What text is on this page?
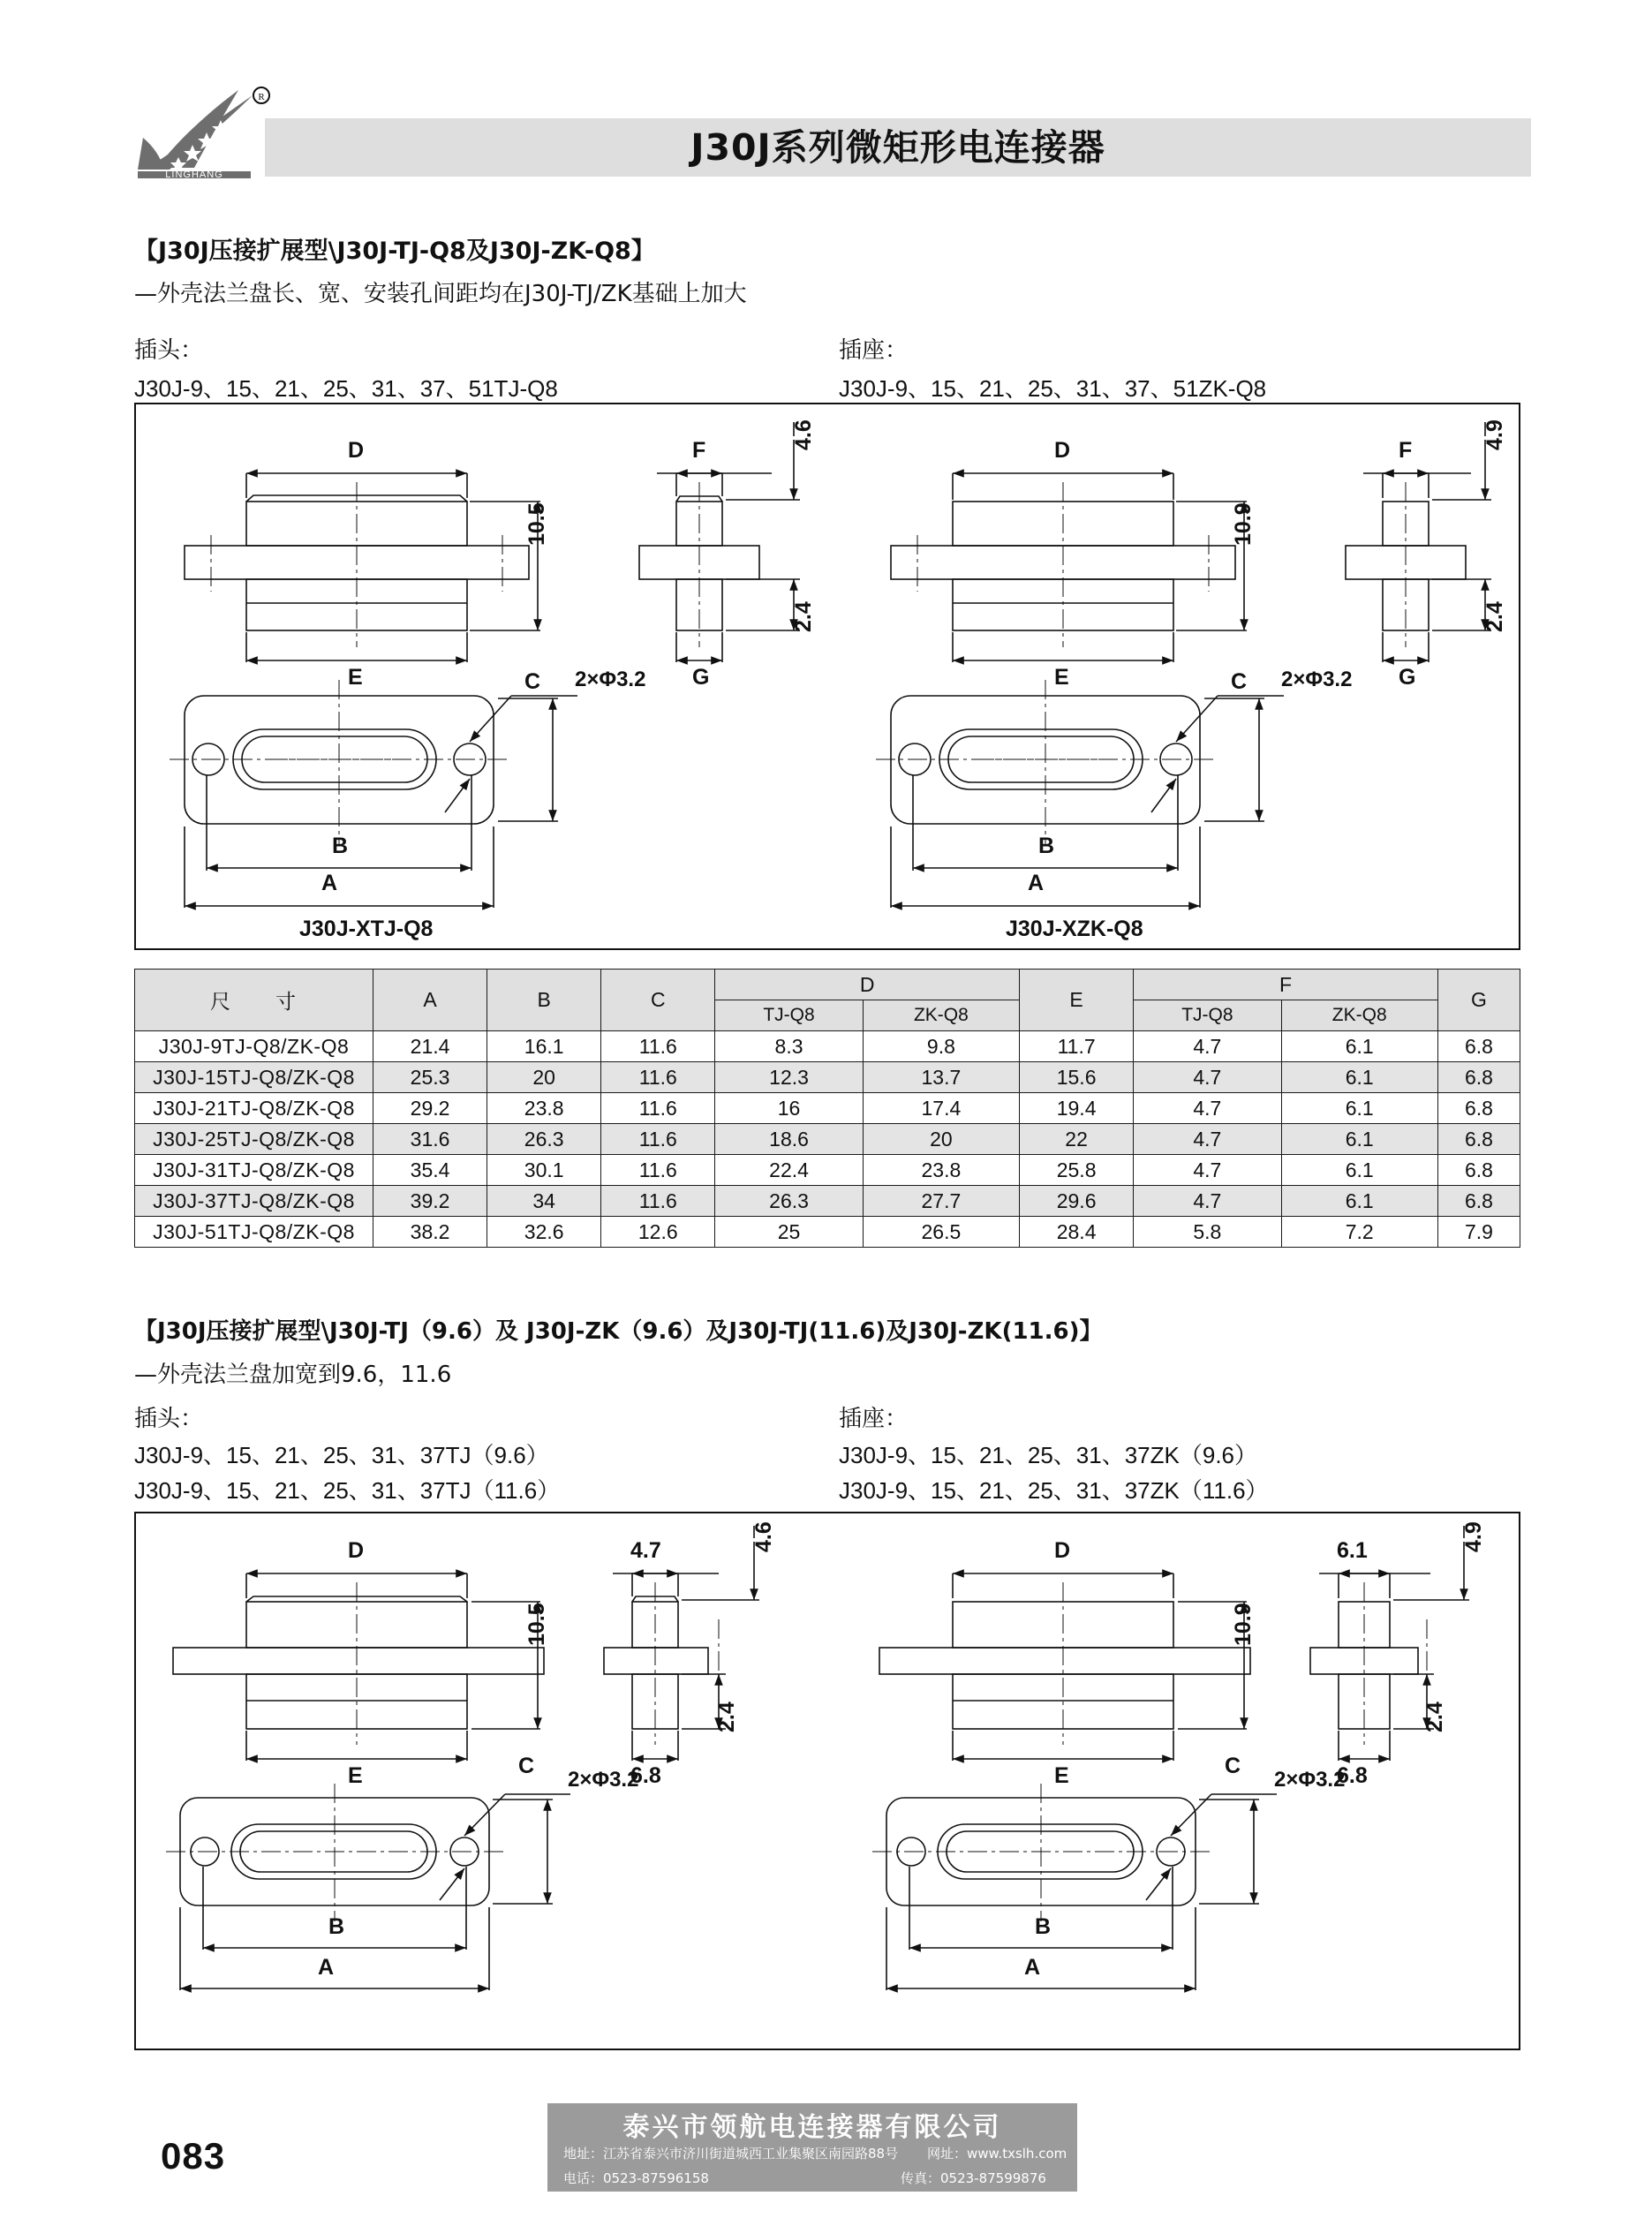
R
LINGHANG
J30J系列微矩形电连接器
【J30J压接扩展型\J30J-TJ-Q8及J30J-ZK-Q8】
—外壳法兰盘长、宽、安装孔间距均在J30J-TJ/ZK基础上加大
插头：
J30J-9、15、21、25、31、37、51TJ-Q8
插座：
J30J-9、15、21、25、31、37、51ZK-Q8
D
E
F
G
10.5
4.6
2.4
C
B
A
2×Φ3.2
D
E
F
G
10.9
4.9
2.4
C
B
A
2×Φ3.2
J30J-XTJ-Q8	J30J-XZK-Q8
尺　寸	A	B	C	D		E	F		G
				TJ-Q8	ZK-Q8		TJ-Q8	ZK-Q8	
J30J-9TJ-Q8/ZK-Q8	21.4	16.1	11.6	8.3	9.8	11.7	4.7	6.1	6.8
J30J-15TJ-Q8/ZK-Q8	25.3	20	11.6	12.3	13.7	15.6	4.7	6.1	6.8
J30J-21TJ-Q8/ZK-Q8	29.2	23.8	11.6	16	17.4	19.4	4.7	6.1	6.8
J30J-25TJ-Q8/ZK-Q8	31.6	26.3	11.6	18.6	20	22	4.7	6.1	6.8
J30J-31TJ-Q8/ZK-Q8	35.4	30.1	11.6	22.4	23.8	25.8	4.7	6.1	6.8
J30J-37TJ-Q8/ZK-Q8	39.2	34	11.6	26.3	27.7	29.6	4.7	6.1	6.8
J30J-51TJ-Q8/ZK-Q8	38.2	32.6	12.6	25	26.5	28.4	5.8	7.2	7.9
【J30J压接扩展型\J30J-TJ（9.6）及 J30J-ZK（9.6）及J30J-TJ(11.6)及J30J-ZK(11.6)】
—外壳法兰盘加宽到9.6，11.6
插头：
J30J-9、15、21、25、31、37TJ（9.6）
J30J-9、15、21、25、31、37TJ（11.6）
插座：
J30J-9、15、21、25、31、37ZK（9.6）
J30J-9、15、21、25、31、37ZK（11.6）
D
E
10.5
4.7
6.8
4.6
2.4
C
B
A
2×Φ3.2
D
E
10.9
6.1
6.8
4.9
2.4
C
B
A
2×Φ3.2
083
泰兴市领航电连接器有限公司
地址：江苏省泰兴市济川街道城西工业集聚区南园路88号 网址：www.txslh.com
电话：0523-87596158	传真：0523-87599876
